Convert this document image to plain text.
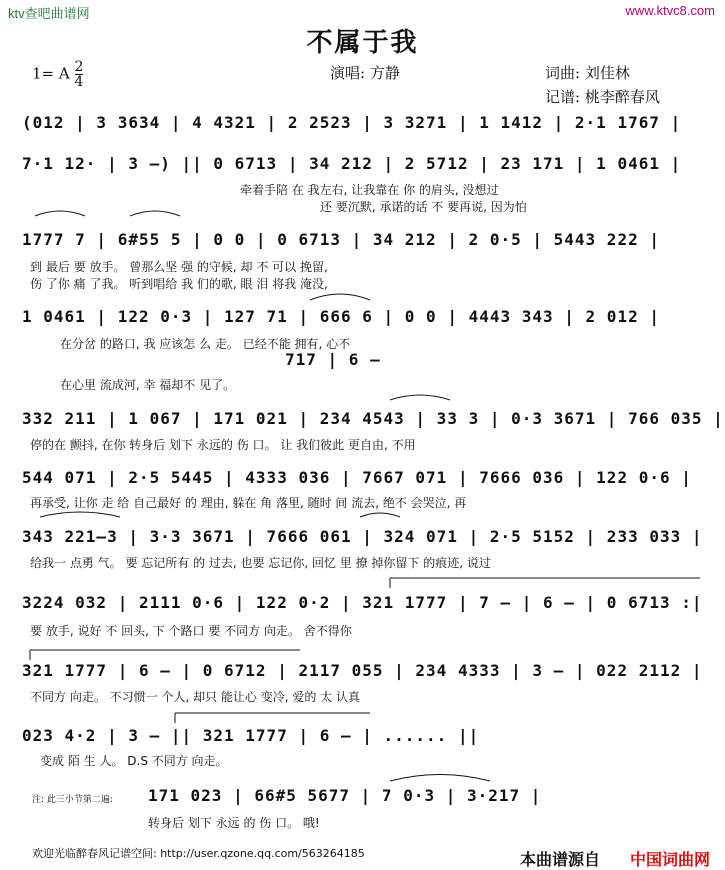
ktv查吧曲谱网	www.ktvc8.com
不属于我
1= A $\frac{2}{4}$	演唱: 方静	词曲: 刘佳林
记谱: 桃李醉春风
(012 | 3 3634 | 4 4321 | 2 2523 | 3 3271 | 1 1412 | 2·1 1767 |
7·1 12· | 3 –) || 0 6713 | 34 212 | 2 5712 | 23 171 | 1 0461 |
牵着手陪 在 我左右, 让我靠在 你 的肩头, 没想过
还 要沉默, 承诺的话 不 要再说, 因为怕
1777 7 | 6#55 5 | 0 0 | 0 6713 | 34 212 | 2 0·5 | 5443 222 |
到 最后 要 放手。 曾那么坚 强 的守候, 却 不 可以 挽留,
伤 了你 痛 了我。 听到唱给 我 们的歌, 眼 泪 将我 淹没,
1 0461 | 122 0·3 | 127 71 | 666 6 | 0 0 | 4443 343 | 2 012 |
在分岔 的路口, 我 应该怎 么 走。 已经不能 拥有, 心不
717 | 6 –
在心里 流成河, 幸 福却不 见了。
332 211 | 1 067 | 171 021 | 234 4543 | 33 3 | 0·3 3671 | 766 035 |
停的在 颤抖, 在你 转身后 划下 永远的 伤 口。 让 我们彼此 更自由, 不用
544 071 | 2·5 5445 | 4333 036 | 7667 071 | 7666 036 | 122 0·6 |
再承受, 让你 走 给 自己最好 的 理由, 躲在 角 落里, 随时 间 流去, 绝不 会哭泣, 再
343 221–3 | 3·3 3671 | 7666 061 | 324 071 | 2·5 5152 | 233 033 |
给我一 点勇 气。 要 忘记所有 的 过去, 也要 忘记你, 回忆 里 撩 掉你留下 的痕迹, 说过
3224 032 | 2111 0·6 | 122 0·2 | 321 1777 | 7 – | 6 – | 0 6713 :|
要 放手, 说好 不 回头, 下 个路口 要 不同方 向走。 舍不得你
321 1777 | 6 – | 0 6712 | 2117 055 | 234 4333 | 3 – | 022 2112 |
不同方 向走。 不习惯一 个人, 却只 能让心 变冷, 爱的 太 认真
023 4·2 | 3 – || 321 1777 | 6 – | ...... ||
变成 陌 生 人。 D.S 不同方 向走。
注: 此三小节第二遍: 171 023 | 66#5 5677 | 7 0·3 | 3·217 |
转身后 划下 永远 的 伤 口。 哦!
欢迎光临醉春风记谱空间: http://user.qzone.qq.com/563264185	本曲谱源自 中国词曲网
